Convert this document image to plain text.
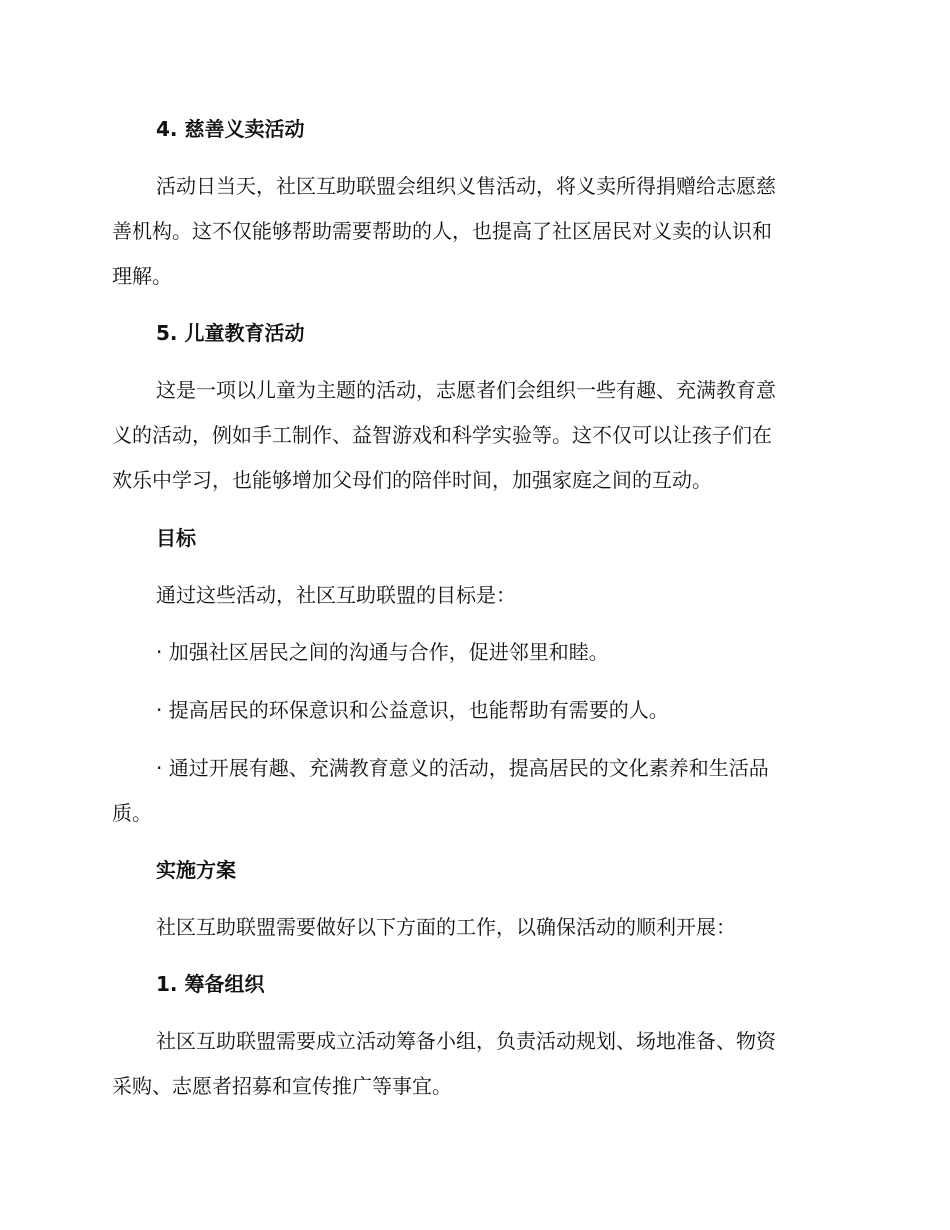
4. 慈善义卖活动
活动日当天，社区互助联盟会组织义售活动，将义卖所得捐赠给志愿慈
善机构。这不仅能够帮助需要帮助的人，也提高了社区居民对义卖的认识和
理解。
5. 儿童教育活动
这是一项以儿童为主题的活动，志愿者们会组织一些有趣、充满教育意
义的活动，例如手工制作、益智游戏和科学实验等。这不仅可以让孩子们在
欢乐中学习，也能够增加父母们的陪伴时间，加强家庭之间的互动。
目标
通过这些活动，社区互助联盟的目标是：
· 加强社区居民之间的沟通与合作，促进邻里和睦。
· 提高居民的环保意识和公益意识，也能帮助有需要的人。
· 通过开展有趣、充满教育意义的活动，提高居民的文化素养和生活品
质。
实施方案
社区互助联盟需要做好以下方面的工作，以确保活动的顺利开展：
1. 筹备组织
社区互助联盟需要成立活动筹备小组，负责活动规划、场地准备、物资
采购、志愿者招募和宣传推广等事宜。
